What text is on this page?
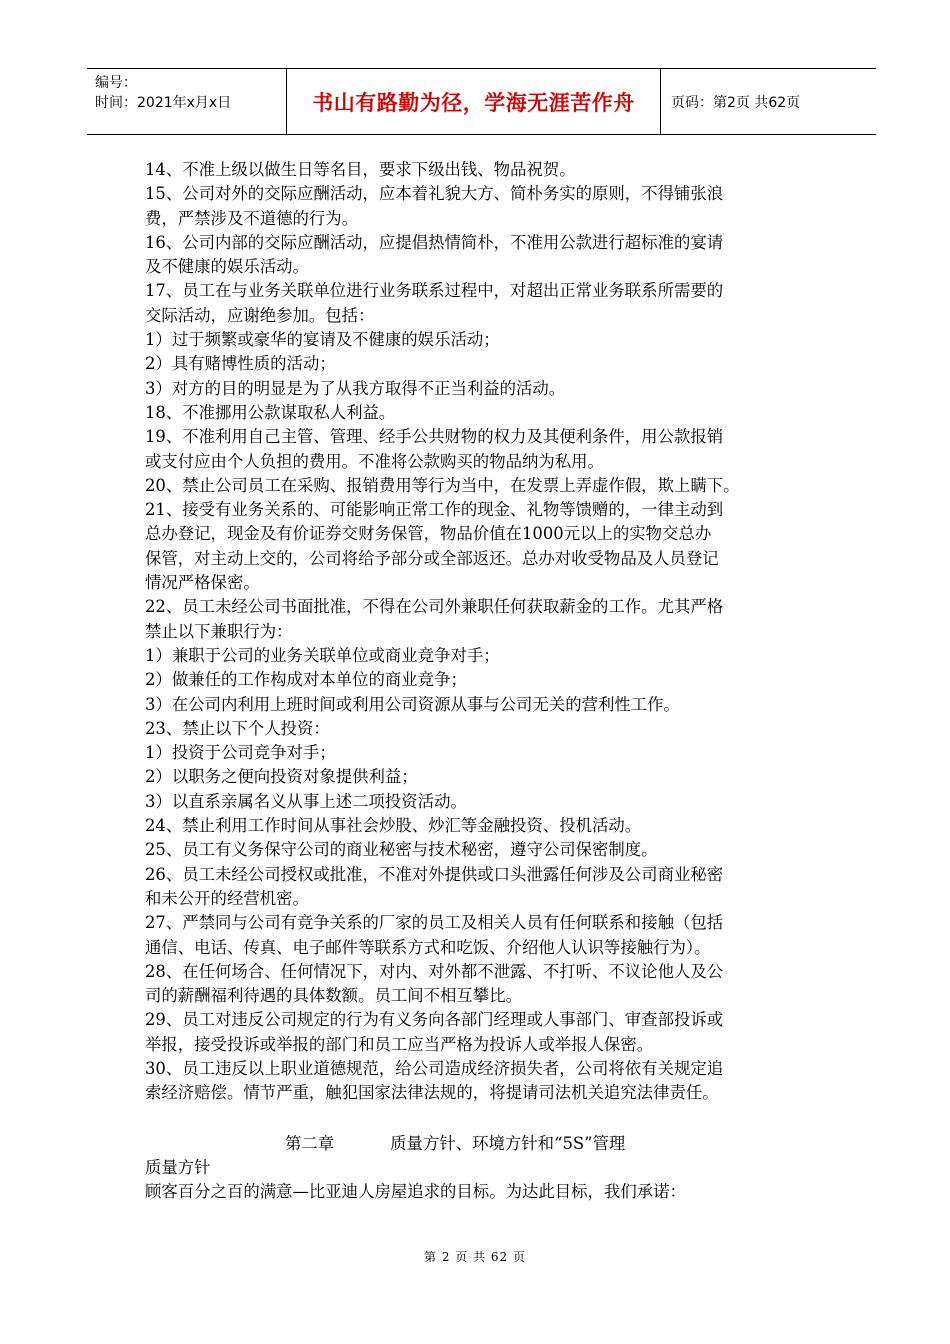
编号：
时间：2021年x月x日	书山有路勤为径，学海无涯苦作舟	页码：第2页 共62页

14、不准上级以做生日等名目，要求下级出钱、物品祝贺。

15、公司对外的交际应酬活动，应本着礼貌大方、简朴务实的原则，不得铺张浪

费，严禁涉及不道德的行为。

16、公司内部的交际应酬活动，应提倡热情简朴，不准用公款进行超标准的宴请

及不健康的娱乐活动。

17、员工在与业务关联单位进行业务联系过程中，对超出正常业务联系所需要的

交际活动，应谢绝参加。包括：

1）过于频繁或豪华的宴请及不健康的娱乐活动；

2）具有赌博性质的活动；

3）对方的目的明显是为了从我方取得不正当利益的活动。

18、不准挪用公款谋取私人利益。

19、不准利用自己主管、管理、经手公共财物的权力及其便利条件，用公款报销

或支付应由个人负担的费用。不准将公款购买的物品纳为私用。

20、禁止公司员工在采购、报销费用等行为当中，在发票上弄虚作假，欺上瞒下。

21、接受有业务关系的、可能影响正常工作的现金、礼物等馈赠的，一律主动到

总办登记，现金及有价证券交财务保管，物品价值在1000元以上的实物交总办

保管，对主动上交的，公司将给予部分或全部返还。总办对收受物品及人员登记

情况严格保密。

22、员工未经公司书面批准，不得在公司外兼职任何获取薪金的工作。尤其严格

禁止以下兼职行为：

1）兼职于公司的业务关联单位或商业竞争对手；

2）做兼任的工作构成对本单位的商业竞争；

3）在公司内利用上班时间或利用公司资源从事与公司无关的营利性工作。

23、禁止以下个人投资：

1）投资于公司竞争对手；

2）以职务之便向投资对象提供利益；

3）以直系亲属名义从事上述二项投资活动。

24、禁止利用工作时间从事社会炒股、炒汇等金融投资、投机活动。

25、员工有义务保守公司的商业秘密与技术秘密，遵守公司保密制度。

26、员工未经公司授权或批准，不准对外提供或口头泄露任何涉及公司商业秘密

和未公开的经营机密。

27、严禁同与公司有竞争关系的厂家的员工及相关人员有任何联系和接触（包括

通信、电话、传真、电子邮件等联系方式和吃饭、介绍他人认识等接触行为）。

28、在任何场合、任何情况下，对内、对外都不泄露、不打听、不议论他人及公

司的薪酬福利待遇的具体数额。员工间不相互攀比。

29、员工对违反公司规定的行为有义务向各部门经理或人事部门、审查部投诉或

举报，接受投诉或举报的部门和员工应当严格为投诉人或举报人保密。

30、员工违反以上职业道德规范，给公司造成经济损失者，公司将依有关规定追

索经济赔偿。情节严重，触犯国家法律法规的，将提请司法机关追究法律责任。

第二章	质量方针、环境方针和“5S”管理

质量方针

顾客百分之百的满意—比亚迪人房屋追求的目标。为达此目标，我们承诺：

第 2 页 共 62 页
